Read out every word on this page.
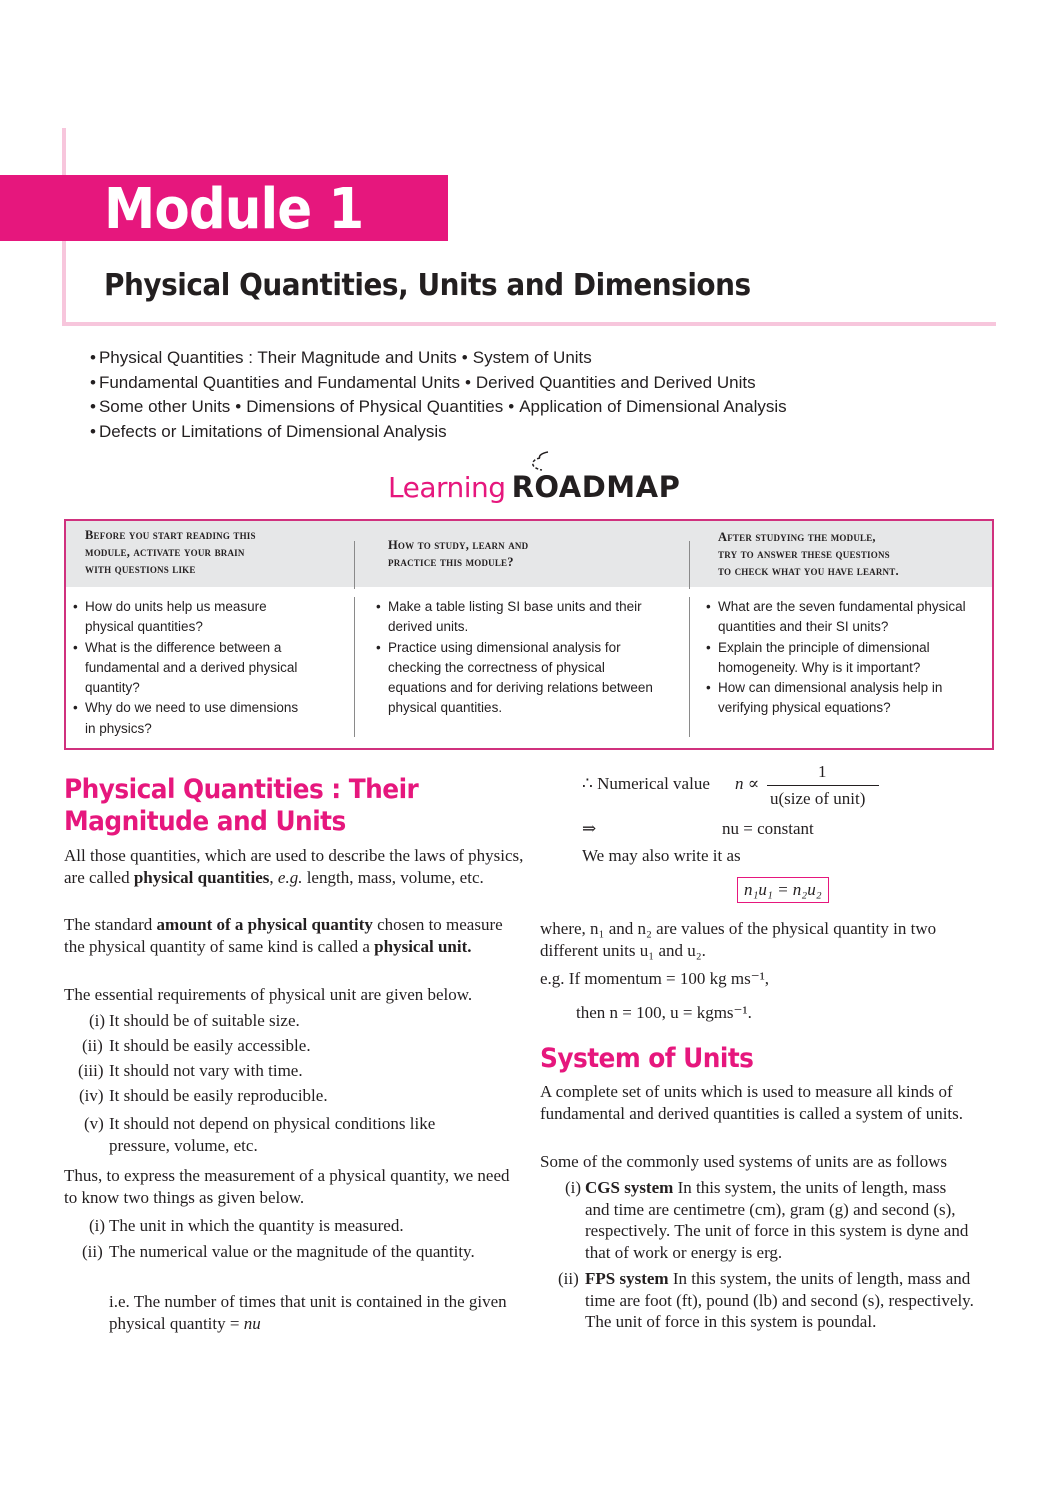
Module 1
Physical Quantities, Units and Dimensions
• Physical Quantities : Their Magnitude and Units • System of Units
• Fundamental Quantities and Fundamental Units • Derived Quantities and Derived Units
• Some other Units • Dimensions of Physical Quantities • Application of Dimensional Analysis
• Defects or Limitations of Dimensional Analysis
Learning ROADMAP
Before you start reading this
module, activate your brain
with questions like
How to study, learn and
practice this module?
After studying the module,
try to answer these questions
to check what you have learnt.
• How do units help us measure
physical quantities?
• What is the difference between a
fundamental and a derived physical
quantity?
• Why do we need to use dimensions
in physics?
• Make a table listing SI base units and their
derived units.
• Practice using dimensional analysis for
checking the correctness of physical
equations and for deriving relations between
physical quantities.
• What are the seven fundamental physical
quantities and their SI units?
• Explain the principle of dimensional
homogeneity. Why is it important?
• How can dimensional analysis help in
verifying physical equations?
Physical Quantities : Their
Magnitude and Units
All those quantities, which are used to describe the laws of physics, are called physical quantities, e.g. length, mass, volume, etc.
The standard amount of a physical quantity chosen to measure the physical quantity of same kind is called a physical unit.
The essential requirements of physical unit are given below.
(i) It should be of suitable size.
(ii) It should be easily accessible.
(iii) It should not vary with time.
(iv) It should be easily reproducible.
(v) It should not depend on physical conditions like pressure, volume, etc.
Thus, to express the measurement of a physical quantity, we need to know two things as given below.
(i) The unit in which the quantity is measured.
(ii) The numerical value or the magnitude of the quantity.
i.e. The number of times that unit is contained in the given physical quantity = nu
∴ Numerical value n ∝
1
u(size of unit)
⇒	nu = constant
We may also write it as
n₁u₁ = n₂u₂
where, n₁ and n₂ are values of the physical quantity in two different units u₁ and u₂.
e.g. If momentum = 100 kg ms⁻¹,
then n = 100, u = kgms⁻¹.
System of Units
A complete set of units which is used to measure all kinds of fundamental and derived quantities is called a system of units.
Some of the commonly used systems of units are as follows
(i) CGS system In this system, the units of length, mass and time are centimetre (cm), gram (g) and second (s), respectively. The unit of force in this system is dyne and that of work or energy is erg.
(ii) FPS system In this system, the units of length, mass and time are foot (ft), pound (lb) and second (s), respectively. The unit of force in this system is poundal.
